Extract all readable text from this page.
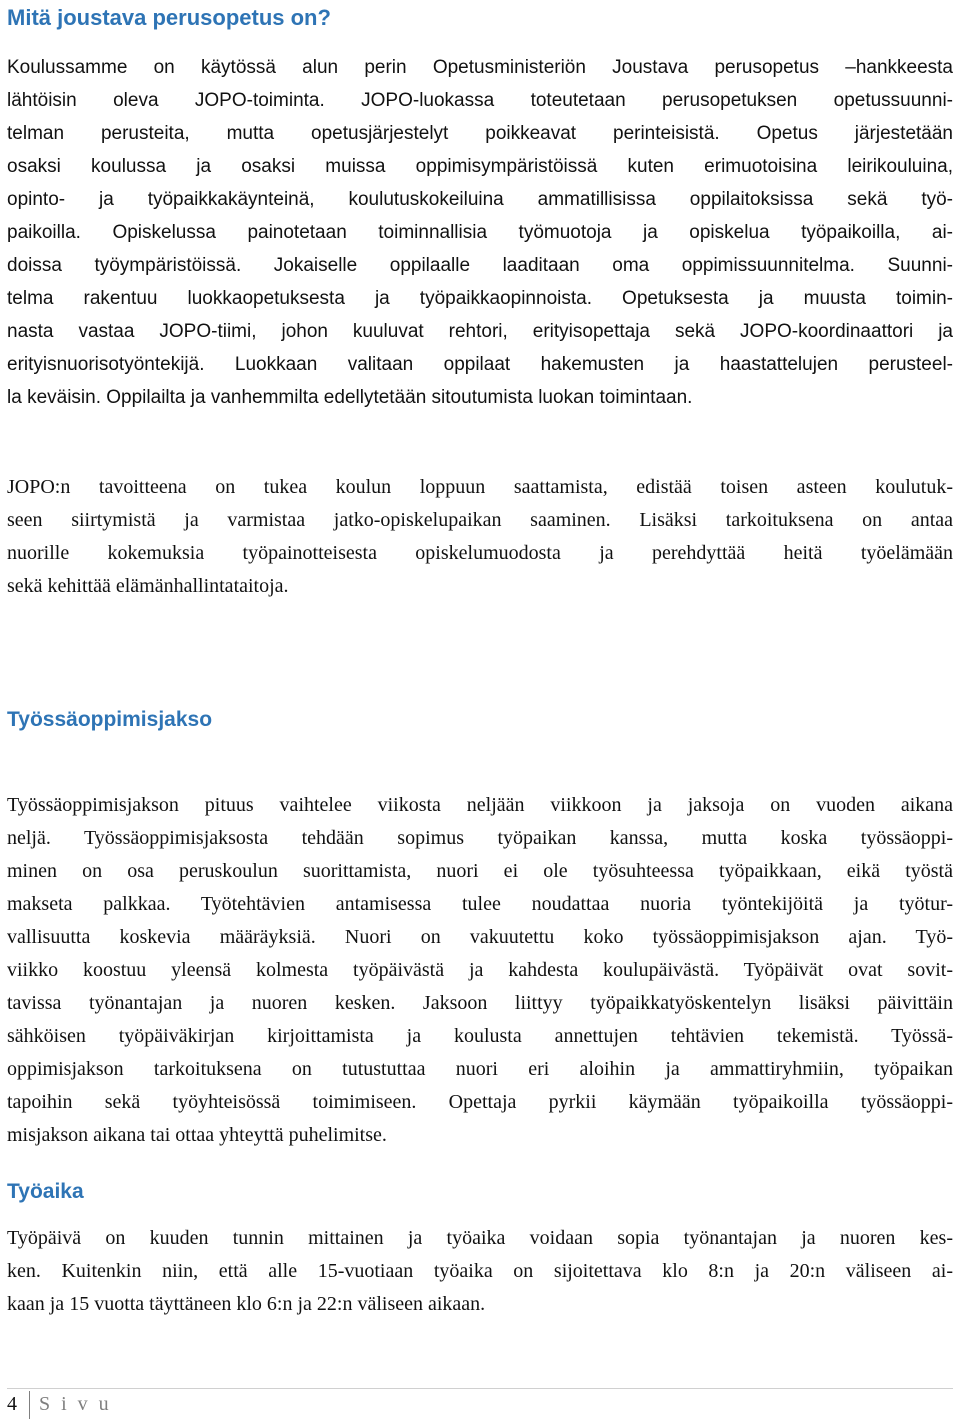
Mitä joustava perusopetus on?
Koulussamme on käytössä alun perin Opetusministeriön Joustava perusopetus –hankkeesta
lähtöisin oleva JOPO-toiminta. JOPO-luokassa toteutetaan perusopetuksen opetussuunni-
telman perusteita, mutta opetusjärjestelyt poikkeavat perinteisistä. Opetus järjestetään
osaksi koulussa ja osaksi muissa oppimisympäristöissä kuten erimuotoisina leirikouluina,
opinto- ja työpaikkakäynteinä, koulutuskokeiluina ammatillisissa oppilaitoksissa sekä työ-
paikoilla. Opiskelussa painotetaan toiminnallisia työmuotoja ja opiskelua työpaikoilla, ai-
doissa työympäristöissä. Jokaiselle oppilaalle laaditaan oma oppimissuunnitelma. Suunni-
telma rakentuu luokkaopetuksesta ja työpaikkaopinnoista. Opetuksesta ja muusta toimin-
nasta vastaa JOPO-tiimi, johon kuuluvat rehtori, erityisopettaja sekä JOPO-koordinaattori ja
erityisnuorisotyöntekijä. Luokkaan valitaan oppilaat hakemusten ja haastattelujen perusteel-
la keväisin. Oppilailta ja vanhemmilta edellytetään sitoutumista luokan toimintaan.
JOPO:n tavoitteena on tukea koulun loppuun saattamista, edistää toisen asteen koulutuk-
seen siirtymistä ja varmistaa jatko-opiskelupaikan saaminen. Lisäksi tarkoituksena on antaa
nuorille kokemuksia työpainotteisesta opiskelumuodosta ja perehdyttää heitä työelämään
sekä kehittää elämänhallintataitoja.
Työssäoppimisjakso
Työssäoppimisjakson pituus vaihtelee viikosta neljään viikkoon ja jaksoja on vuoden aikana
neljä. Työssäoppimisjaksosta tehdään sopimus työpaikan kanssa, mutta koska työssäoppi-
minen on osa peruskoulun suorittamista, nuori ei ole työsuhteessa työpaikkaan, eikä työstä
makseta palkkaa. Työtehtävien antamisessa tulee noudattaa nuoria työntekijöitä ja työtur-
vallisuutta koskevia määräyksiä. Nuori on vakuutettu koko työssäoppimisjakson ajan. Työ-
viikko koostuu yleensä kolmesta työpäivästä ja kahdesta koulupäivästä. Työpäivät ovat sovit-
tavissa työnantajan ja nuoren kesken. Jaksoon liittyy työpaikkatyöskentelyn lisäksi päivittäin
sähköisen työpäiväkirjan kirjoittamista ja koulusta annettujen tehtävien tekemistä. Työssä-
oppimisjakson tarkoituksena on tutustuttaa nuori eri aloihin ja ammattiryhmiin, työpaikan
tapoihin sekä työyhteisössä toimimiseen. Opettaja pyrkii käymään työpaikoilla työssäoppi-
misjakson aikana tai ottaa yhteyttä puhelimitse.
Työaika
Työpäivä on kuuden tunnin mittainen ja työaika voidaan sopia työnantajan ja nuoren kes-
ken. Kuitenkin niin, että alle 15-vuotiaan työaika on sijoitettava klo 8:n ja 20:n väliseen ai-
kaan ja 15 vuotta täyttäneen klo 6:n ja 22:n väliseen aikaan.
4 S i v u
